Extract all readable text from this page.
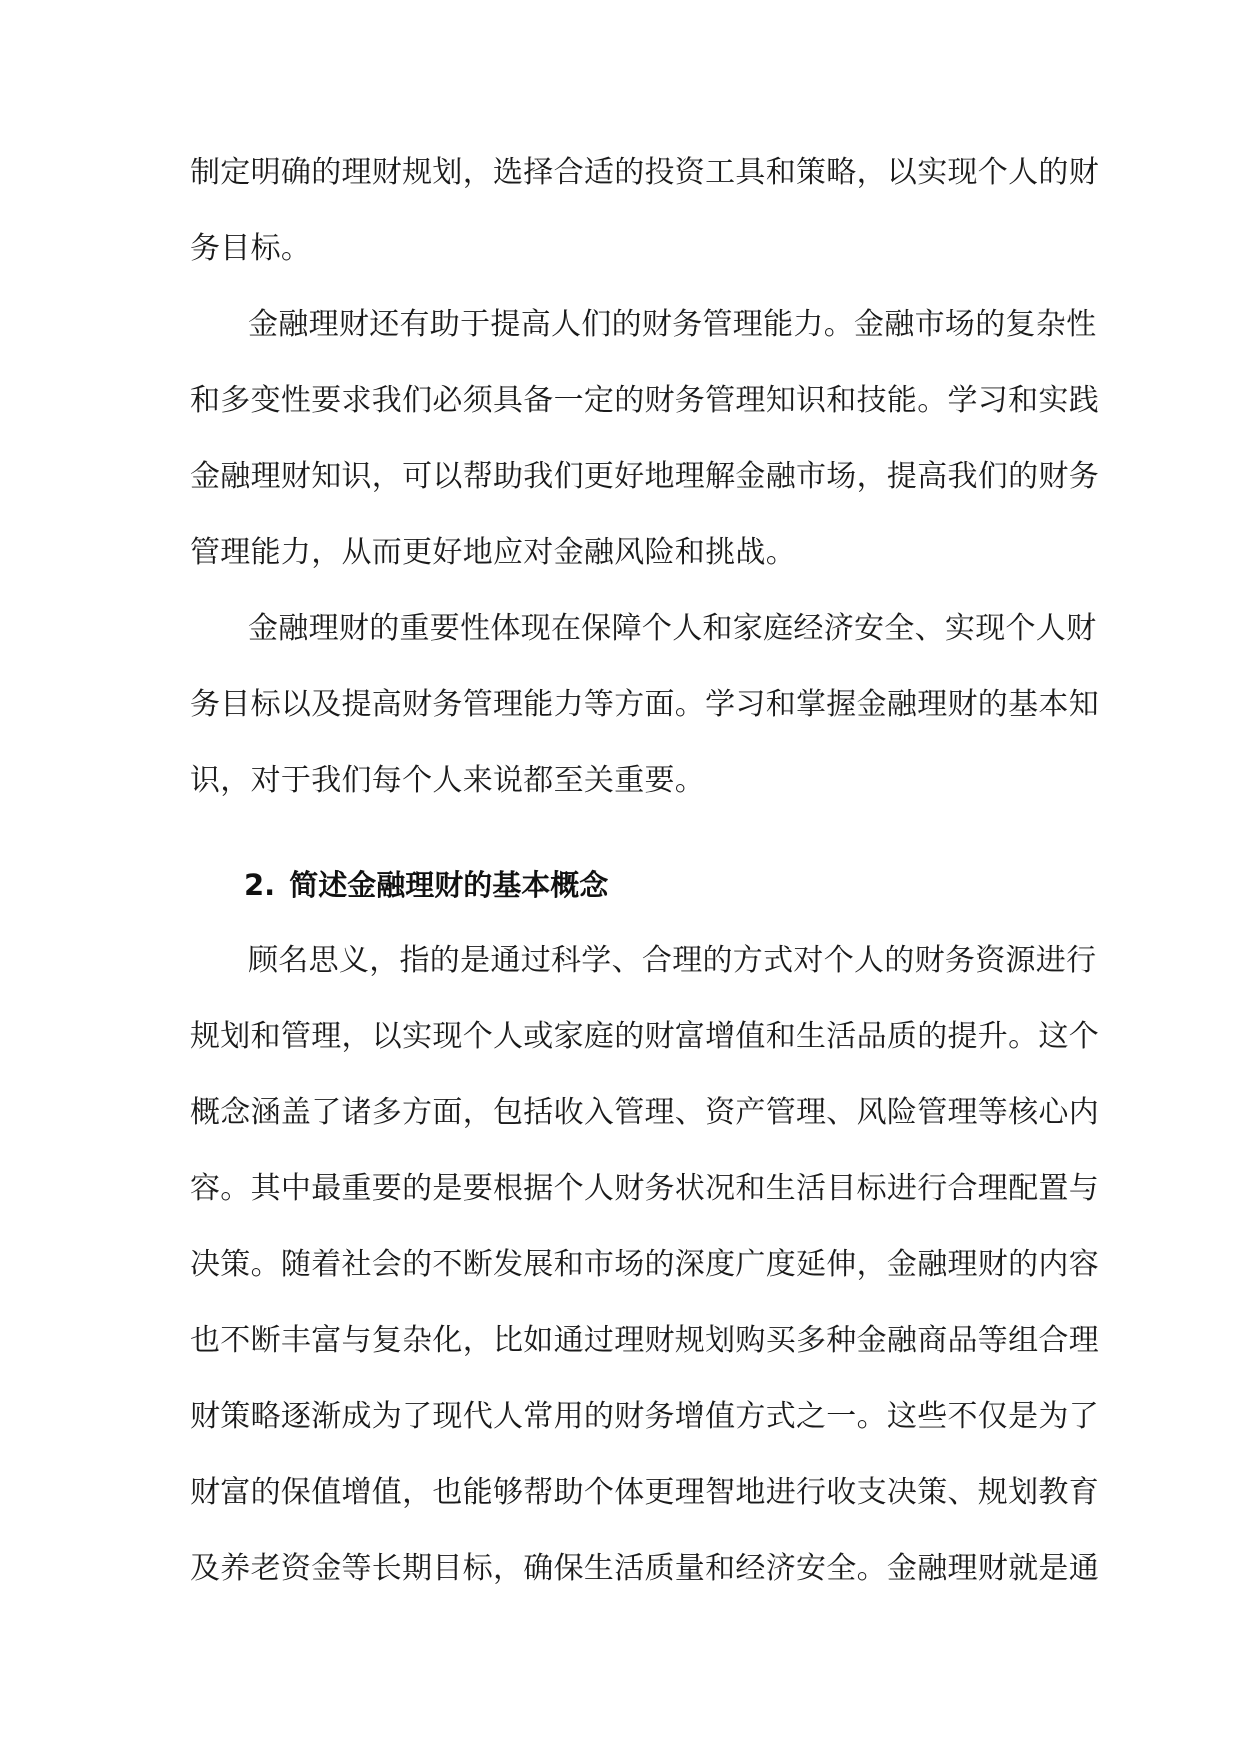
制定明确的理财规划，选择合适的投资工具和策略，以实现个人的财
务目标。
金融理财还有助于提高人们的财务管理能力。金融市场的复杂性
和多变性要求我们必须具备一定的财务管理知识和技能。学习和实践
金融理财知识，可以帮助我们更好地理解金融市场，提高我们的财务
管理能力，从而更好地应对金融风险和挑战。
金融理财的重要性体现在保障个人和家庭经济安全、实现个人财
务目标以及提高财务管理能力等方面。学习和掌握金融理财的基本知
识，对于我们每个人来说都至关重要。
2. 简述金融理财的基本概念
顾名思义，指的是通过科学、合理的方式对个人的财务资源进行
规划和管理，以实现个人或家庭的财富增值和生活品质的提升。这个
概念涵盖了诸多方面，包括收入管理、资产管理、风险管理等核心内
容。其中最重要的是要根据个人财务状况和生活目标进行合理配置与
决策。随着社会的不断发展和市场的深度广度延伸，金融理财的内容
也不断丰富与复杂化，比如通过理财规划购买多种金融商品等组合理
财策略逐渐成为了现代人常用的财务增值方式之一。这些不仅是为了
财富的保值增值，也能够帮助个体更理智地进行收支决策、规划教育
及养老资金等长期目标，确保生活质量和经济安全。金融理财就是通
